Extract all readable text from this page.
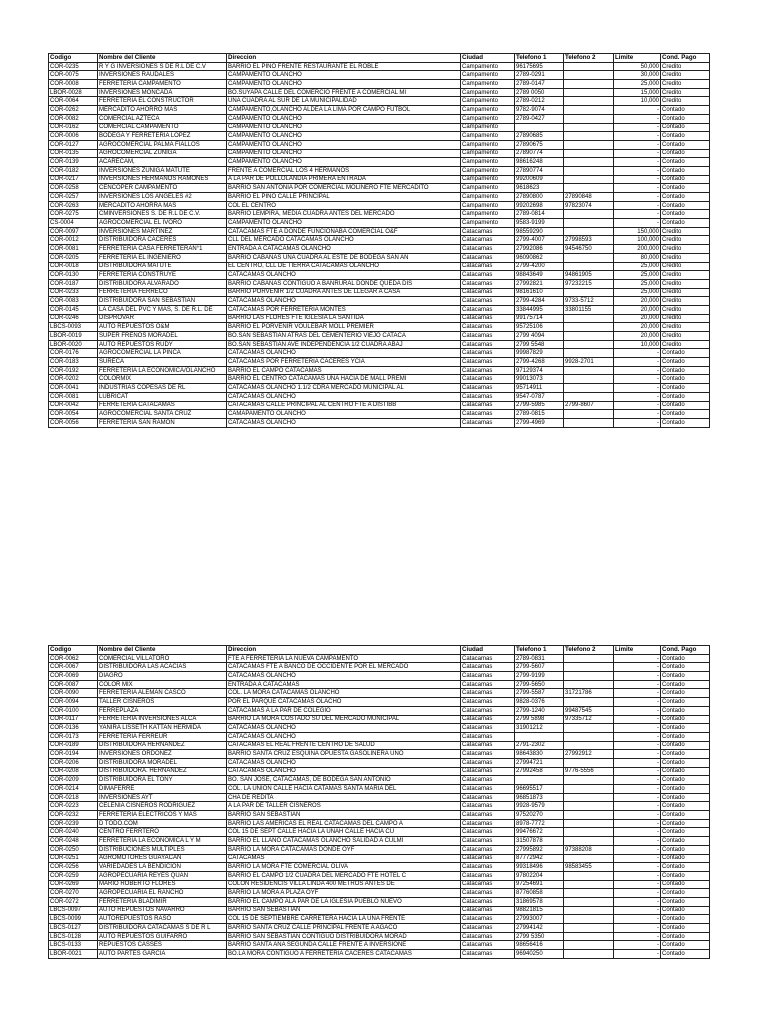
Codigo	Nombre del Cliente	Direccion	Ciudad	Telefono 1	Telefono 2	Limite	Cond. Pago
COR-0235	R Y G INVERSIONES S DE R.L DE C.V	BARRIO EL PINO FRENTE RESTAURANTE EL ROBLE	Campamento	96175695		50,000	Credito
COR-0075	INVERSIONES RAUDALES	CAMPAMENTO OLANCHO	Campamento	2789-0291		30,000	Credito
COR-0008	FERRETERIA CAMPAMENTO	CAMPAMENTO OLANCHO	Campamento	2789-0147		25,000	Credito
LBOR-0028	INVERSIONES MONCADA	BO.SUYAPA CALLE DEL COMERCIO FRENTE A COMERCIAL MI	Campamento	2789 0050		15,000	Credito
COR-0064	FERRETERIA EL CONSTRUCTOR	UNA CUADRA AL SUR DE LA MUNICIPALIDAD	Campamento	2789-0212		10,000	Credito
COR-0262	MERCADITO AHORRO MAS	CAMPAMENTO,OLANCHO ALDEA LA LIMA POR CAMPO FUTBOL	Campamento	9782-9074		-	Contado
COR-0082	COMERCIAL AZTECA	CAMPAMENTO OLANCHO	Campamento	2789-0427		-	Contado
COR-0162	COMERCIAL CAMPAMENTO	CAMPAMENTO OLANCHO	Campamento			-	Contado
COR-0006	BODEGA Y FERRETERIA LOPEZ	CAMPAMENTO OLANCHO	Campamento	27890685		-	Contado
COR-0127	AGROCOMERCIAL PALMA FIALLOS	CAMPAMENTO OLANCHO	Campamento	27890675		-	Contado
COR-0135	AGROCOMERCIAL ZUNIGA	CAMPAMENTO OLANCHO	Campamento	27890774		-	Contado
COR-0139	ACARECAM,	CAMPAMENTO OLANCHO	Campamento	98616248		-	Contado
COR-0182	INVERSIONES ZUNIGA MATUTE	FRENTE A COMERCIAL LOS 4 HERMANOS	Campamento	27890774		-	Contado
COR-0217	INVERSIONES HERMANOS RAMONES	A LA PAR DE POLLOLANDIA PRIMERA ENTRADA	Campamento	99200609		-	Contado
COR-0258	CENCOPER CAMPAMENTO	BARRIO SAN ANTONIA POR COMERCIAL MOLINERO FTE MERCADITO	Campamento	9618623		-	Contado
COR-0257	INVERSIONES LOS ANGELES #2	BARRIO EL PINO CALLE PRINCIPAL	Campamento	27890800	27890848	-	Contado
COR-0263	MERCADITO AHORRA MAS	COL EL CENTRO	Campamento	99202698	97823074	-	Contado
COR-0275	CMINVERSIONES S. DE R.L DE C.V.	BARRIO LEMPIRA, MEDIA CUADRA ANTES DEL MERCADO	Campamento	2789-0814		-	Contado
CS-0004	AGROCOMERCIAL EL IVORO	CAMPAMENTO OLANCHO	Campamento	9583-9199		-	Contado
COR-0097	INVERSIONES MARTINEZ	CATACAMAS FTE A DONDE FUNCIONABA COMERCIAL O&F	Catacamas	98559290		150,000	Credito
COR-0012	DISTRIBUIDORA CACERES	CLL DEL MERCADO CATACAMAS OLANCHO	Catacamas	2799-4007	27998593	100,000	Credito
COR-0081	FERRETERIA CASA FERRETERAN°1	ENTRADA A CATACAMAS OLANCHO	Catacamas	27992086	94546750	200,000	Credito
COR-0205	FERRETERIA EL INGENIERO	BARRIO CABAÑAS UNA CUADRA AL ESTE DE BODEGA SAN AN	Catacamas	96090862		80,000	Credito
COR-0018	DISTRIBUIDORA MATUTE	EL CENTRO, CLL DE TIERRA CATACAMAS OLANCHO	Catacamas	2799-4200		25,000	Credito
COR-0130	FERRETERIA CONSTRUYE	CATACAMAS OLANCHO	Catacamas	98843649	94861905	25,000	Credito
COR-0187	DISTRIBUIDORA ALVARADO	BARRIO CABAÑAS CONTIGUO A BANRURAL DONDE QUEDA DIS	Catacamas	27992821	97232215	25,000	Credito
COR-0233	FERRETERIA FERRECO	BARRIO PORVENIR 1/2 CUADRA ANTES DE LLEGAR A CASA	Catacamas	98161610		25,000	Credito
COR-0083	DISTRIBUIDORA SAN SEBASTIAN	CATACAMAS OLANCHO	Catacamas	2799-4284	9733-5712	20,000	Credito
COR-0145	LA CASA DEL PVC Y MAS, S. DE R.L. DE	CATACAMAS POR FERRETERIA MONTES	Catacamas	33844995	33801155	20,000	Credito
COR-0246	DISPROVAR	BARRIO LAS FLORES FTE IGLESIA LA SANTIDA	Catacamas	99175714		20,000	Credito
LBCS-0093	AUTO REPUESTOS O&M	BARRIO EL PORVENIR VOULEBAR MOLL PREMIER	Catacamas	95725106		20,000	Credito
LBOR-0019	SUPER FRENOS MORADEL	BO.SAN SEBASTIAN ATRAS DEL CEMENTERIO VIEJO CATACA	Catacamas	2799 4094		20,000	Credito
LBOR-0020	AUTO REPUESTOS RUDY	BO.SAN SEBASTIAN AVE INDEPENDENCIA 1/2 CUADRA ABAJ	Catacamas	2799 5548		10,000	Credito
COR-0176	AGROCOMERCIAL LA PINCA	CATACAMAS OLANCHO	Catacamas	99987829		-	Contado
COR-0183	SURECA	CATACAMAS POR FERRETERIA CACERES YCIA	Catacamas	2799-4268	9928-2701	-	Contado
COR-0192	FERRETERIA LA ECONOMICA/OLANCHO	BARRIO EL CAMPO CATACAMAS	Catacamas	97129374		-	Contado
COR-0202	COLORMIX	BARRIO EL CENTRO CATACAMAS UNA HACIA DE MALL PREMI	Catacamas	99013073		-	Contado
COR-0041	INDUSTRIAS COPESAS DE RL	CATACAMAS OLANCHO 1.1/2 CDRA MERCADO MUNICIPAL AL	Catacamas	95714911		-	Contado
COR-0081	LUBRICAT	CATACAMAS OLANCHO	Catacamas	9547-0787		-	Contado
COR-0042	FERRETERIA CATACAMAS	CATACAMAS CALLE PRINCIPAL AL CENTRO FTE A DISTIBB	Catacamas	2799-5985	2799-8607	-	Contado
COR-0054	AGROCOMERCIAL SANTA CRUZ	CAMAPAMENTO OLANCHO	Catacamas	2789-0815		-	Contado
COR-0056	FERRETERIA SAN RAMON	CATACAMAS OLANCHO	Catacamas	2799-4969		-	Contado
Codigo	Nombre del Cliente	Direccion	Ciudad	Telefono 1	Telefono 2	Limite	Cond. Pago
COR-0062	COMERCIAL VILLATORO	FTE A FERRETERIA LA NUEVA CAMPAMENTO	Catacamas	2789-0831		-	Contado
COR-0067	DISTRIBUIDORA LAS ACACIAS	CATACAMAS FTE A BANCO DE OCCIDENTE POR EL MERCADO	Catacamas	2799-5607		-	Contado
COR-0069	DIAGRO	CATACAMAS OLANCHO	Catacamas	2799-9199		-	Contado
COR-0087	COLOR MIX	ENTRADA A CATACAMAS	Catacamas	2799-5650		-	Contado
COR-0090	FERRETERIA ALEMAN CASCO	COL. LA MORA CATACAMAS OLANCHO	Catacamas	2799-5587	31721786	-	Contado
COR-0094	TALLER CISNEROS	POR EL PARQUE CATACAMAS OLACHO	Catacamas	9828-0376		-	Contado
COR-0100	FERREPLAZA	CATACAMAS A LA PAR DE COLEGIO	Catacamas	2799-1240	99487545	-	Contado
COR-0117	FERRETERIA INVERSIONES ALCA	BARRIO LA MORA COSTADO SU DEL MERCADO MUNICIPAL	Catacamas	2799 5898	97335712	-	Contado
COR-0136	YANIRA LISSETH KATTAN HERMIDA	CATACAMAS OLANCHO	Catacamas	31901212		-	Contado
COR-0173	FERRETERIA FERREUR	CATACAMAS OLANCHO	Catacamas			-	Contado
COR-0189	DISTRIBUIDORA HERNANDEZ	CATACAMAS EL REAL FRENTE CENTRO DE SALUD	Catacamas	2791-2302		-	Contado
COR-0194	INVERSIONES ORDOÑEZ	BARRIO SANTA CRUZ ESQUINA OPUESTA GASOLINERA UNO	Catacamas	98643830	27992912	-	Contado
COR-0206	DISTRIBUIDORA MORADEL	CATACAMAS OLANCHO	Catacamas	27994721		-	Contado
COR-0208	DISTRIBUIDORA. HERNANDEZ	CATACAMAS OLANCHO	Catacamas	27992458	9776-5556	-	Contado
COR-0209	DISTRIBUIDORA EL TONY	BO. SAN JOSE, CATACAMAS, DE BODEGA SAN ANTONIO	Catacamas			-	Contado
COR-0214	DIMAFERRE	COL. LA UNION CALLE HACIA CATAMAS SANTA MARIA DEL	Catacamas	96695517		-	Contado
COR-0218	INVERSIONES AYT	CHA DE REDITA	Catacamas	96851873		-	Contado
COR-0223	CELENIA CISNEROS RODRIGUEZ	A LA PAR DE TALLER CISNEROS	Catacamas	9928-9579		-	Contado
COR-0232	FERRETERIA ELECTRICOS Y MAS	BARRIO SAN SEBASTIAN	Catacamas	97520270		-	Contado
COR-0239	D TODO.COM	BARRIO LAS AMERICAS EL REAL CATACAMAS DEL CAMPO A	Catacamas	8978-7772		-	Contado
COR-0240	CENTRO FERRTERO	COL 15 DE SEPT CALLE HACIA LA UNAH CALLE HACIA CU	Catacamas	99476672		-	Contado
COR-0248	FERRETERIA LA ECONOMICA L Y M	BARRIO EL LLANO CATACAMAS OLANCHO SALIDAD A CULMI	Catacamas	31507878		-	Contado
COR-0250	DISTRIBUCIONES MULTIPLES	BARRIO LA MORA CATACAMAS DONDE OYF	Catacamas	27995892	97388208	-	Contado
COR-0251	AGROMOTORES GUAYACAN	CATACAMAS	Catacamas	87772942		-	Contado
COR-0256	VARIEDADES LA BENDICION	BARRIO LA MORA FTE COMERCIAL OLIVA	Catacamas	99318496	98583455	-	Contado
COR-0259	AGROPECUARIA REYES QUAN	BARRIO EL CAMPO 1/2 CUADRA DEL MERCADO FTE HOTEL C	Catacamas	97802204		-	Contado
COR-0269	MARIO ROBERTO FLORES	COLON RESIDENCIS VILLA LINDA 400 METROS ANTES DE	Catacamas	97254691		-	Contado
COR-0270	AGROPECUARIA EL RANCHO	BARRIO LA MORA A PLAZA OYF	Catacamas	87760858		-	Contado
COR-0272	FERRETERIA BLADIMIR	BARRIO EL CAMPO ALA PAR DE LA IGLESIA PUEBLO NUEVO	Catacamas	31869578		-	Contado
LBCS-0097	AUTO REPUESTOS NAVARRO	BARRIO SAN SEBASTIAN	Catacamas	98821815		-	Contado
LBCS-0099	AUTOREPUESTOS RASO	COL 15 DE SEPTIEMBRE CARRETERA HACIA LA UNA FRENTE	Catacamas	27993007		-	Contado
LBCS-0127	DISTRIBUIDORA CATACAMAS S DE R L	BARRIO SANTA CRUZ CALLE PRINCIPAL FRENTE A AGACO	Catacamas	27994142		-	Contado
LBCS-0128	AUTO REPUESTOS GUIFARRO	BARRIO SAN SEBASTIAN CONTIGUO DISTRIBUIDORA MORAD	Catacamas	2799 5350		-	Contado
LBCS-0133	REPUESTOS CASSES	BARRIO SANTA ANA SEGUNDA CALLE FRENTE A INVERSIONE	Catacamas	98656416		-	Contado
LBOR-0021	AUTO PARTES GARCIA	BO.LA MORA CONTIGUO A FERRETERIA CACERES CATACAMAS	Catacamas	96940250		-	Contado
